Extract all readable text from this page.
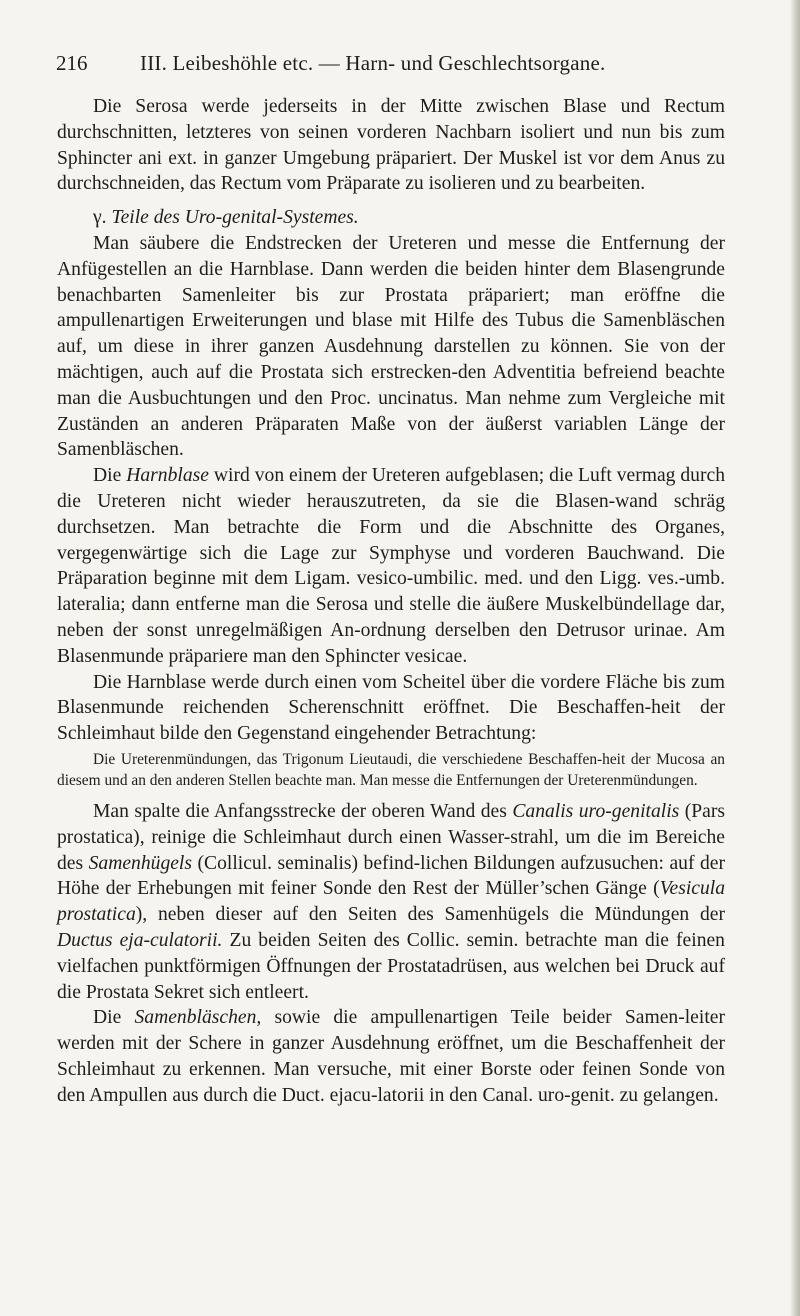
216	III. Leibeshöhle etc. — Harn- und Geschlechtsorgane.

Die Serosa werde jederseits in der Mitte zwischen Blase und Rectum durchschnitten, letzteres von seinen vorderen Nachbarn isoliert und nun bis zum Sphincter ani ext. in ganzer Umgebung präpariert. Der Muskel ist vor dem Anus zu durchschneiden, das Rectum vom Präparate zu isolieren und zu bearbeiten.

γ. Teile des Uro-genital-Systemes.

Man säubere die Endstrecken der Ureteren und messe die Entfernung der Anfügestellen an die Harnblase. Dann werden die beiden hinter dem Blasengrunde benachbarten Samenleiter bis zur Prostata präpariert; man eröffne die ampullenartigen Erweiterungen und blase mit Hilfe des Tubus die Samenbläschen auf, um diese in ihrer ganzen Ausdehnung darstellen zu können. Sie von der mächtigen, auch auf die Prostata sich erstrecken-den Adventitia befreiend beachte man die Ausbuchtungen und den Proc. uncinatus. Man nehme zum Vergleiche mit Zuständen an anderen Präparaten Maße von der äußerst variablen Länge der Samenbläschen.

Die Harnblase wird von einem der Ureteren aufgeblasen; die Luft vermag durch die Ureteren nicht wieder herauszutreten, da sie die Blasen-wand schräg durchsetzen. Man betrachte die Form und die Abschnitte des Organes, vergegenwärtige sich die Lage zur Symphyse und vorderen Bauchwand. Die Präparation beginne mit dem Ligam. vesico-umbilic. med. und den Ligg. ves.-umb. lateralia; dann entferne man die Serosa und stelle die äußere Muskelbündellage dar, neben der sonst unregelmäßigen An-ordnung derselben den Detrusor urinae. Am Blasenmunde präpariere man den Sphincter vesicae.

Die Harnblase werde durch einen vom Scheitel über die vordere Fläche bis zum Blasenmunde reichenden Scherenschnitt eröffnet. Die Beschaffen-heit der Schleimhaut bilde den Gegenstand eingehender Betrachtung:

Die Ureterenmündungen, das Trigonum Lieutaudi, die verschiedene Beschaffen-heit der Mucosa an diesem und an den anderen Stellen beachte man. Man messe die Entfernungen der Ureterenmündungen.

Man spalte die Anfangsstrecke der oberen Wand des Canalis uro-genitalis (Pars prostatica), reinige die Schleimhaut durch einen Wasser-strahl, um die im Bereiche des Samenhügels (Collicul. seminalis) befind-lichen Bildungen aufzusuchen: auf der Höhe der Erhebungen mit feiner Sonde den Rest der Müller’schen Gänge (Vesicula prostatica), neben dieser auf den Seiten des Samenhügels die Mündungen der Ductus eja-culatorii. Zu beiden Seiten des Collic. semin. betrachte man die feinen vielfachen punktförmigen Öffnungen der Prostatadrüsen, aus welchen bei Druck auf die Prostata Sekret sich entleert.

Die Samenbläschen, sowie die ampullenartigen Teile beider Samen-leiter werden mit der Schere in ganzer Ausdehnung eröffnet, um die Beschaffenheit der Schleimhaut zu erkennen. Man versuche, mit einer Borste oder feinen Sonde von den Ampullen aus durch die Duct. ejacu-latorii in den Canal. uro-genit. zu gelangen.
